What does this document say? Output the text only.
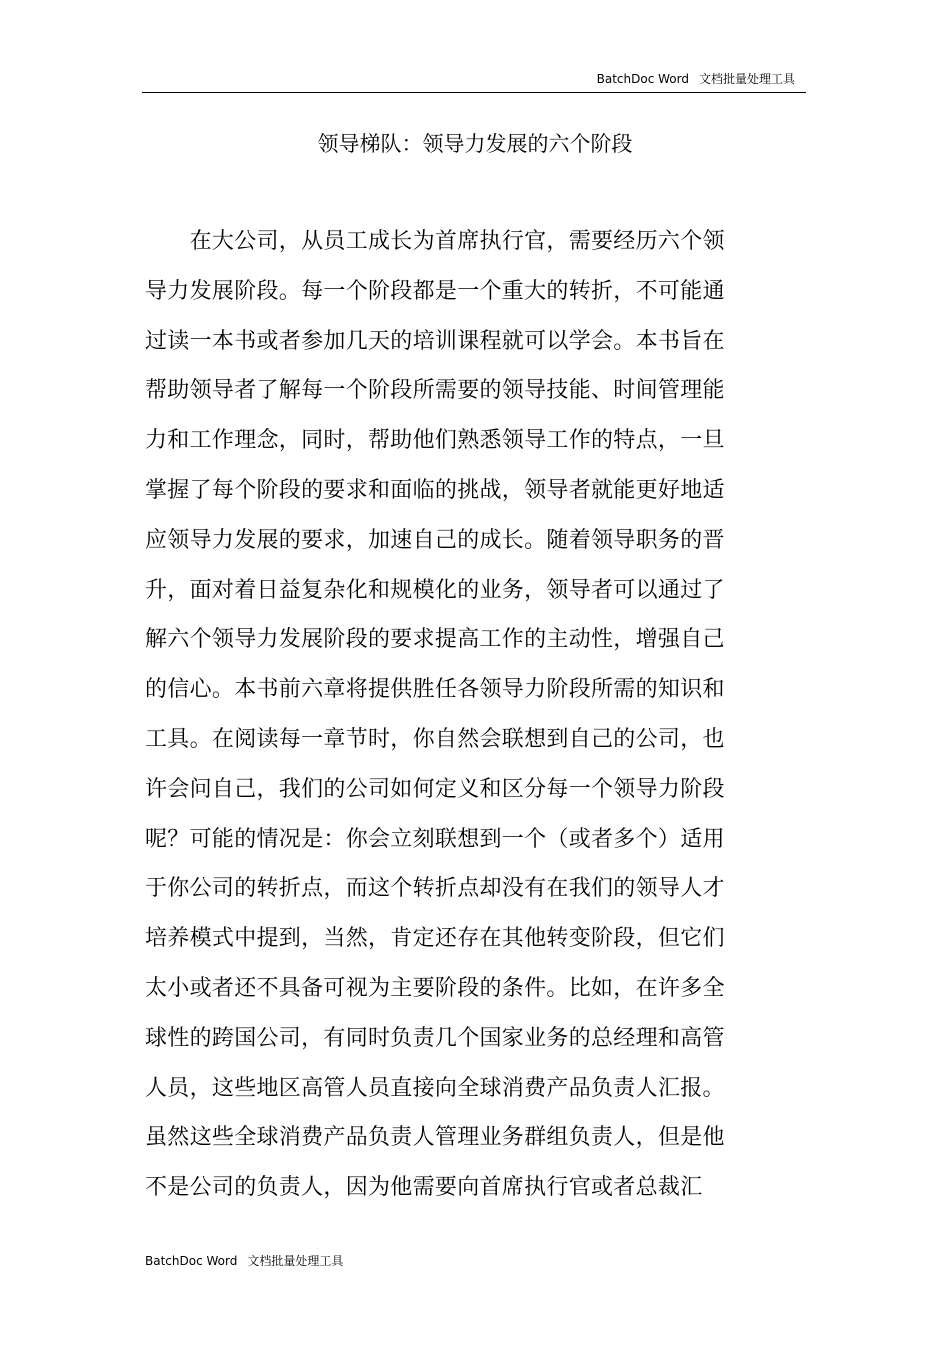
BatchDoc Word 文档批量处理工具
领导梯队：领导力发展的六个阶段
　　在大公司，从员工成长为首席执行官，需要经历六个领
导力发展阶段。每一个阶段都是一个重大的转折，不可能通
过读一本书或者参加几天的培训课程就可以学会。本书旨在
帮助领导者了解每一个阶段所需要的领导技能、时间管理能
力和工作理念，同时，帮助他们熟悉领导工作的特点，一旦
掌握了每个阶段的要求和面临的挑战，领导者就能更好地适
应领导力发展的要求，加速自己的成长。随着领导职务的晋
升，面对着日益复杂化和规模化的业务，领导者可以通过了
解六个领导力发展阶段的要求提高工作的主动性，增强自己
的信心。本书前六章将提供胜任各领导力阶段所需的知识和
工具。在阅读每一章节时，你自然会联想到自己的公司，也
许会问自己，我们的公司如何定义和区分每一个领导力阶段
呢？可能的情况是：你会立刻联想到一个（或者多个）适用
于你公司的转折点，而这个转折点却没有在我们的领导人才
培养模式中提到，当然，肯定还存在其他转变阶段，但它们
太小或者还不具备可视为主要阶段的条件。比如，在许多全
球性的跨国公司，有同时负责几个国家业务的总经理和高管
人员，这些地区高管人员直接向全球消费产品负责人汇报。
虽然这些全球消费产品负责人管理业务群组负责人，但是他
不是公司的负责人，因为他需要向首席执行官或者总裁汇
BatchDoc Word 文档批量处理工具
